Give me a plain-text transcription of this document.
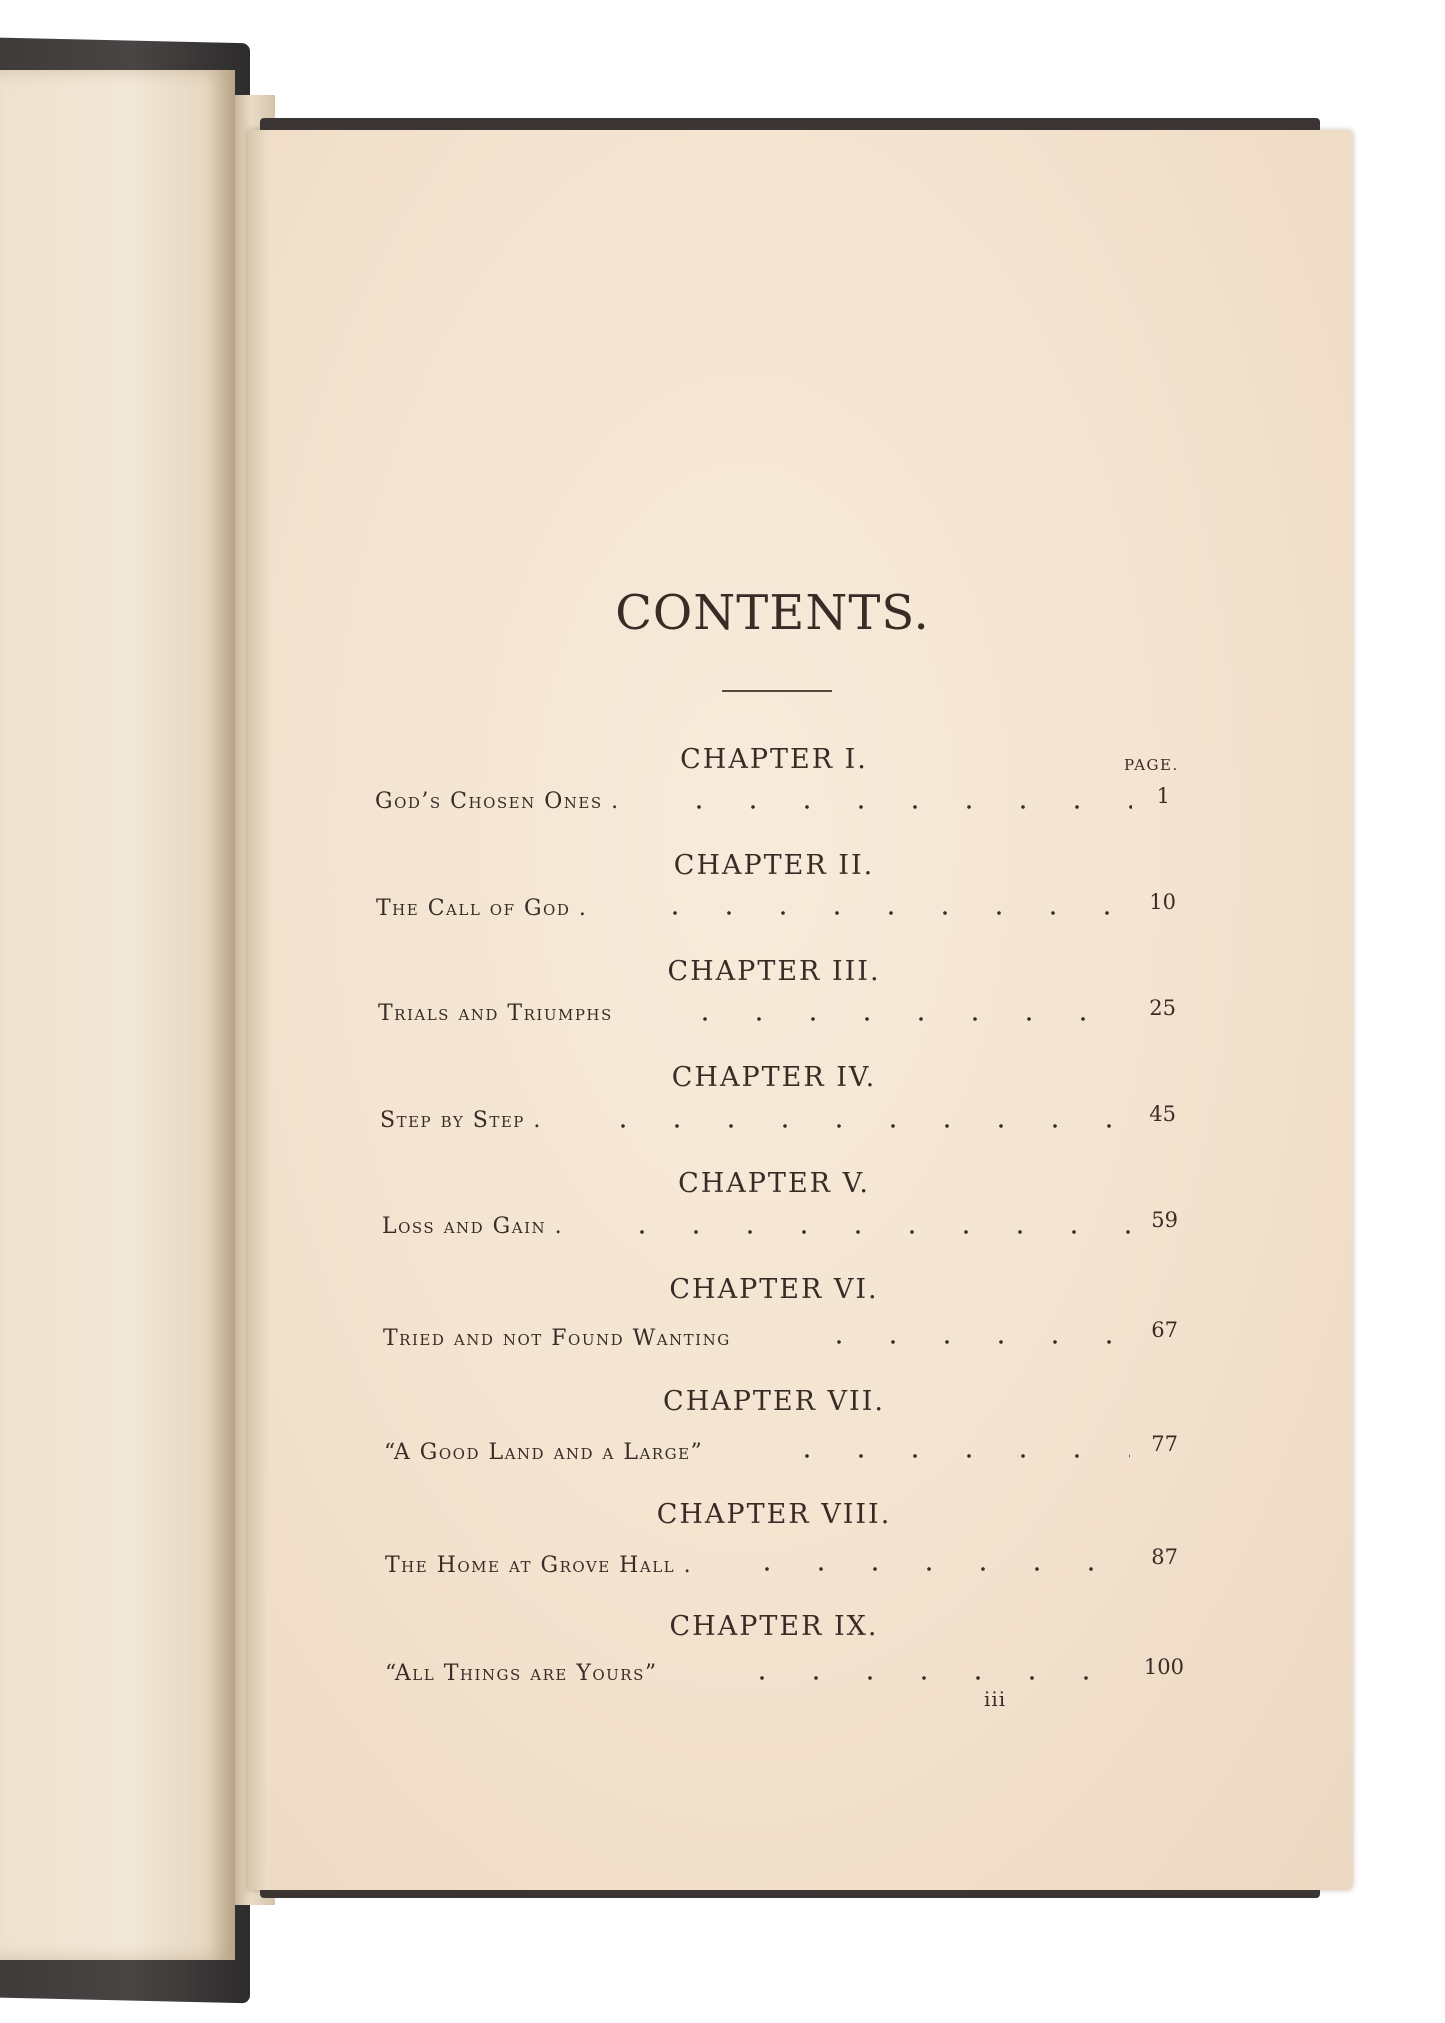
CONTENTS.
PAGE.
CHAPTER I.
God’s Chosen Ones .	1
CHAPTER II.
The Call of God .	10
CHAPTER III.
Trials and Triumphs	25
CHAPTER IV.
Step by Step .	45
CHAPTER V.
Loss and Gain .	59
CHAPTER VI.
Tried and not Found Wanting	67
CHAPTER VII.
“A Good Land and a Large”	77
CHAPTER VIII.
The Home at Grove Hall .	87
CHAPTER IX.
“All Things are Yours”	100
iii
